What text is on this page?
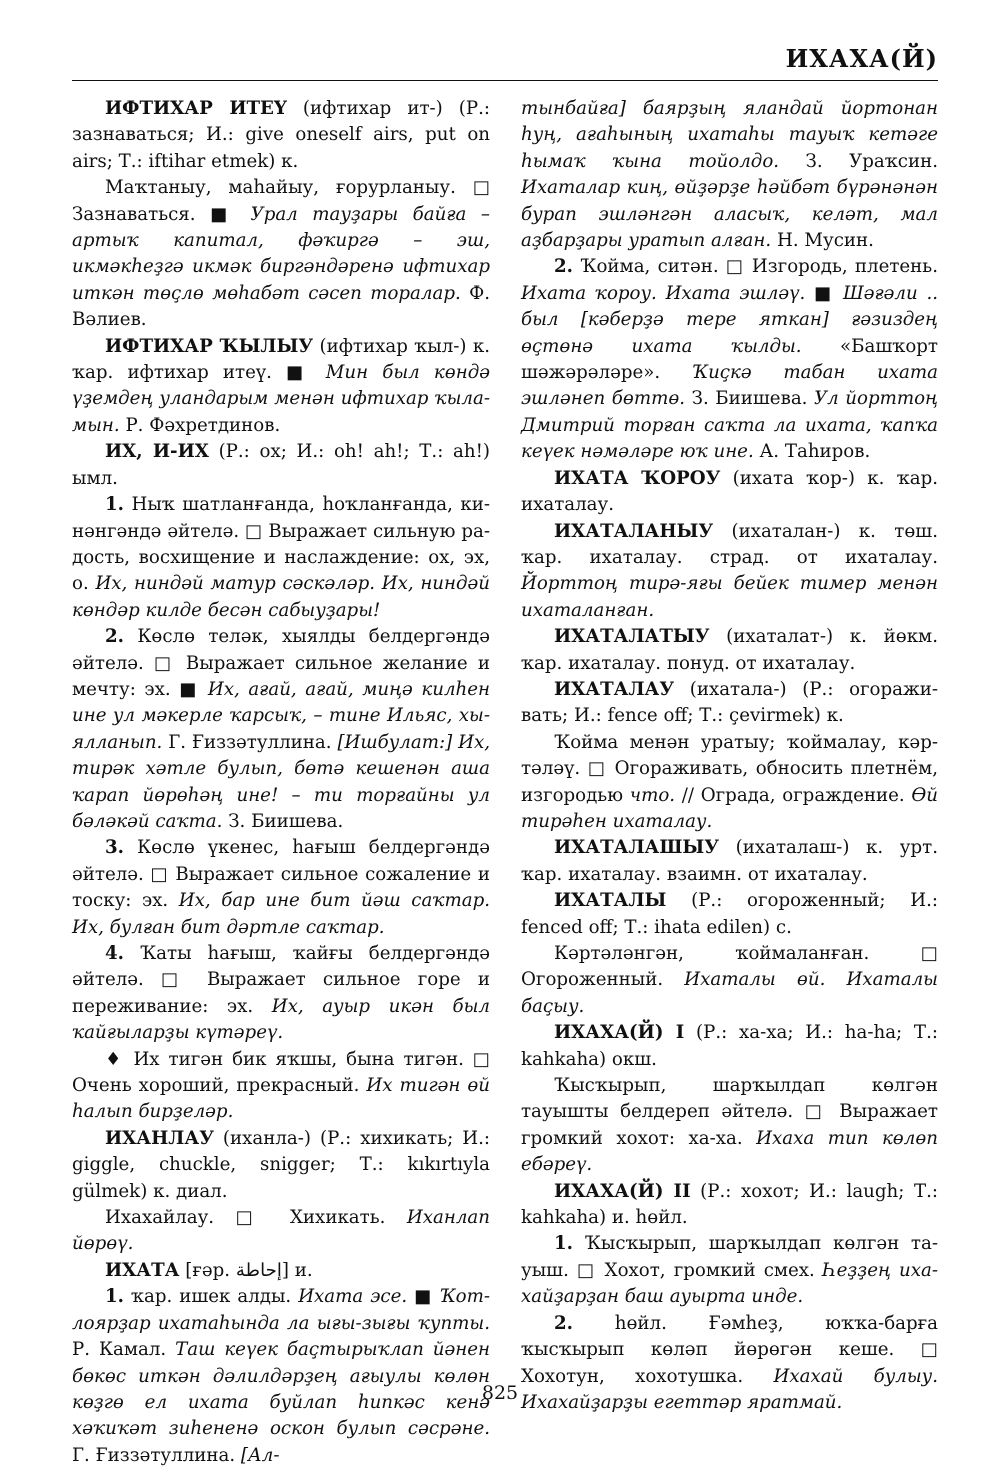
ИХАХА(Й)

ИФТИХАР ИТЕҮ (ифтихар ит-) (Р.: зазнаваться; И.: give oneself airs, put on airs; Т.: iftihar etmek) к.

Маҡтаныу, маһайыу, ғорурланыу. □ Зазнаваться. ■ Урал тауҙары байға – артыҡ капитал, фәҡиргә – эш, икмәкһеҙгә икмәк биргәндәренә ифтихар иткән төҫлө мөһабәт сәсеп торалар. Ф. Вәлиев.

ИФТИХАР ҠЫЛЫУ (ифтихар ҡыл-) к. ҡар. ифтихар итеү. ■ Мин был көндә үҙемдең уландарым менән ифтихар ҡыламын. Р. Фәхретдинов.

ИХ, И-ИХ (Р.: ох; И.: oh! ah!; Т.: ah!) ымл.

1. Ныҡ шатланғанда, һоҡланғанда, кинәнгәндә әйтелә. □ Выражает сильную радость, восхищение и наслаждение: ох, эх, о. Их, ниндәй матур сәскәләр. Их, ниндәй көндәр килде бесән сабыуҙары!

2. Көслө теләк, хыялды белдергәндә әйтелә. □ Выражает сильное желание и мечту: эх. ■ Их, ағай, ағай, миңә килһен ине ул мәкерле ҡарсыҡ, – тине Ильяс, хыялланып. Г. Ғиззәтуллина. [Ишбулат:] Их, тирәк хәтле булып, бөтә кешенән аша ҡарап йөрөһәң ине! – ти торғайны ул бәләкәй саҡта. З. Биишева.

3. Көслө үкенес, һағыш белдергәндә әйтелә. □ Выражает сильное сожаление и тоску: эх. Их, бар ине бит йәш саҡтар. Их, булған бит дәртле саҡтар.

4. Ҡаты һағыш, ҡайғы белдергәндә әйтелә. □ Выражает сильное горе и переживание: эх. Их, ауыр икән был ҡайғыларҙы күтәреү.

♦ Их тигән бик яҡшы, бына тигән. □ Очень хороший, прекрасный. Их тигән өй һалып бирҙеләр.

ИХАНЛАУ (иханла-) (Р.: хихикать; И.: giggle, chuckle, snigger; Т.: kıkırtıyla gülmek) к. диал.

Ихахайлау. □ Хихикать. Иханлап йөрөү.

ИХАТА [ғәр. إحاطة] и.

1. ҡар. ишек алды. Ихата эсе. ■ Ҡотлоярҙар ихатаһында ла ығы-зығы ҡупты. Р. Камал. Таш кеүек баҫтырыҡлап йәнен бөкөс иткән дәлилдәрҙең ағыулы көлөн көҙгө ел ихата буйлап һипкәс кенә хәҡиҡәт зиһененә оскон булып сәсрәне. Г. Ғиззәтуллина. [Ал-

тынбайға] баярҙың яландай йортонан һуң, ағаһының ихатаһы тауыҡ кетәге һымаҡ ҡына тойолдо. З. Ураҡсин. Ихаталар киң, өйҙәрҙе һәйбәт бүрәнәнән бурап эшләнгән аласыҡ, келәт, мал аҙбарҙары уратып алған. Н. Мусин.

2. Ҡойма, ситән. □ Изгородь, плетень. Ихата ҡороу. Ихата эшләү. ■ Шәғәли .. был [кәберҙә тере яткан] ғәзиздең өҫтөнә ихата ҡылды. «Башҡорт шәжәрәләре». Ҡиҫкә табан ихата эшләнеп бөттө. З. Биишева. Ул йорттоң Дмитрий торған саҡта ла ихата, ҡапҡа кеүек нәмәләре юҡ ине. А. Таһиров.

ИХАТА ҠОРОУ (ихата ҡор-) к. ҡар. ихаталау.

ИХАТАЛАНЫУ (ихаталан-) к. төш. ҡар. ихаталау. страд. от ихаталау. Йорттоң тирә-яғы бейек тимер менән ихаталанған.

ИХАТАЛАТЫУ (ихаталат-) к. йөкм. ҡар. ихаталау. понуд. от ихаталау.

ИХАТАЛАУ (ихатала-) (Р.: огораживать; И.: fence off; Т.: çevirmek) к.

Ҡойма менән уратыу; ҡоймалау, кәртәләү. □ Огораживать, обносить плетнём, изгородью что. // Ограда, ограждение. Өй тирәһен ихаталау.

ИХАТАЛАШЫУ (ихаталаш-) к. урт. ҡар. ихаталау. взаимн. от ихаталау.

ИХАТАЛЫ (Р.: огороженный; И.: fenced off; Т.: ihata edilen) с.

Кәртәләнгән, ҡоймаланған. □ Огороженный. Ихаталы өй. Ихаталы баҫыу.

ИХАХА(Й) I (Р.: ха-ха; И.: ha-ha; Т.: kahkaha) окш.

Ҡысҡырып, шарҡылдап көлгән тауышты белдереп әйтелә. □ Выражает громкий хохот: ха-ха. Ихаха тип көлөп ебәреү.

ИХАХА(Й) II (Р.: хохот; И.: laugh; Т.: kahkaha) и. һөйл.

1. Ҡысҡырып, шарҡылдап көлгән тауыш. □ Хохот, громкий смех. Һеҙҙең ихахайҙарҙан баш ауырта инде.

2. һөйл. Ғәмһеҙ, юҡҡа-барға ҡысҡырып көләп йөрөгән кеше. □ Хохотун, хохотушка. Ихахай булыу. Ихахайҙарҙы егеттәр яратмай.

825
